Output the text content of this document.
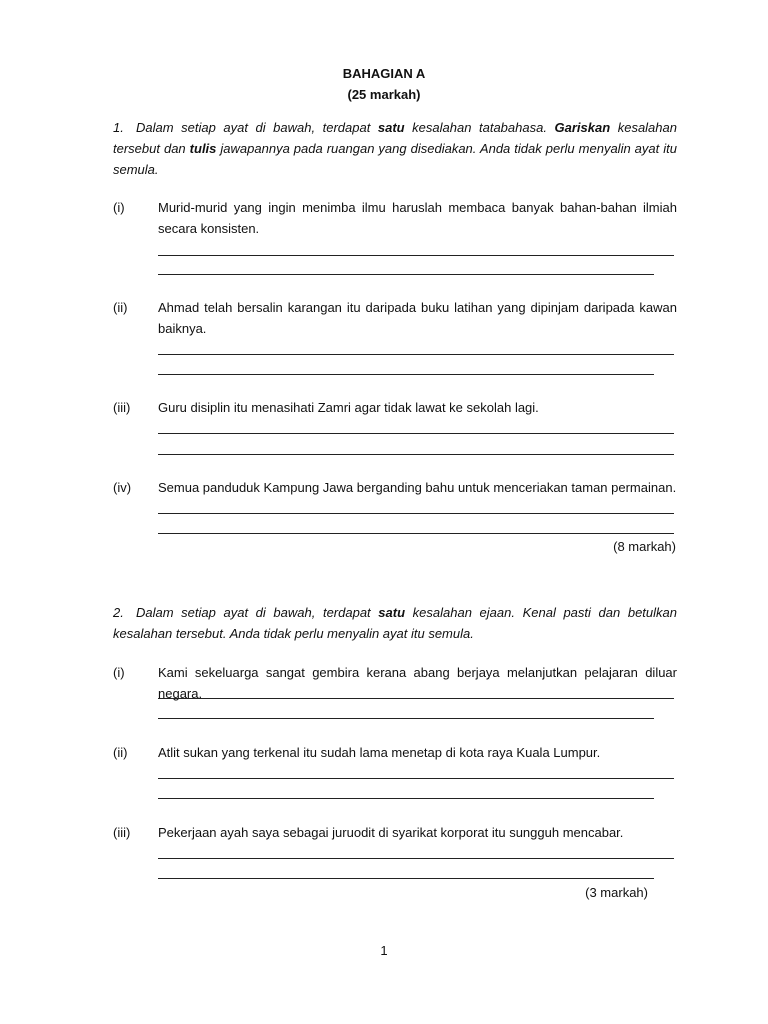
BAHAGIAN A
(25 markah)
1. Dalam setiap ayat di bawah, terdapat satu kesalahan tatabahasa. Gariskan kesalahan tersebut dan tulis jawapannya pada ruangan yang disediakan. Anda tidak perlu menyalin ayat itu semula.
(i)	Murid-murid yang ingin menimba ilmu haruslah membaca banyak bahan-bahan ilmiah secara konsisten.
(ii)	Ahmad telah bersalin karangan itu daripada buku latihan yang dipinjam daripada kawan baiknya.
(iii)	Guru disiplin itu menasihati Zamri agar tidak lawat ke sekolah lagi.
(iv)	Semua panduduk Kampung Jawa berganding bahu untuk menceriakan taman permainan.
(8 markah)
2. Dalam setiap ayat di bawah, terdapat satu kesalahan ejaan. Kenal pasti dan betulkan kesalahan tersebut. Anda tidak perlu menyalin ayat itu semula.
(i)	Kami sekeluarga sangat gembira kerana abang berjaya melanjutkan pelajaran diluar negara.
(ii)	Atlit sukan yang terkenal itu sudah lama menetap di kota raya Kuala Lumpur.
(iii)	Pekerjaan ayah saya sebagai juruodit di syarikat korporat itu sungguh mencabar.
(3 markah)
1
